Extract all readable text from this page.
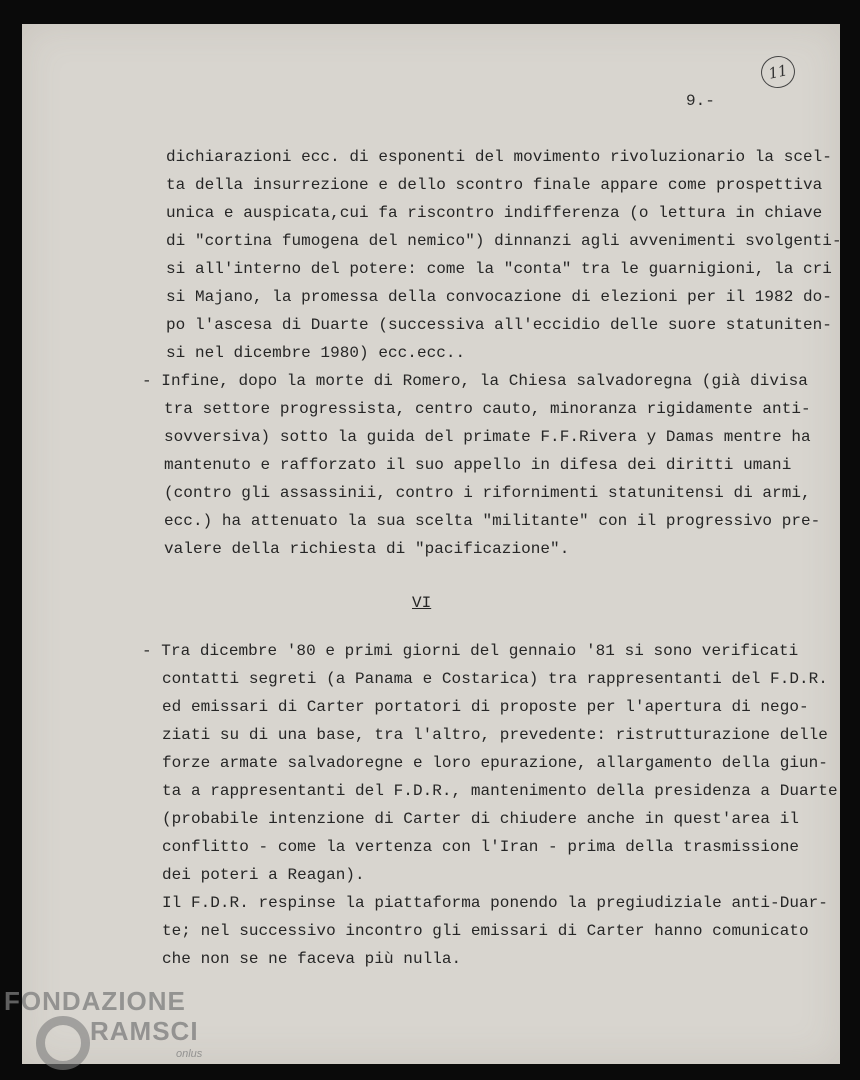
11
9.-
dichiarazioni ecc. di esponenti del movimento rivoluzionario la scel-
ta della insurrezione e dello scontro finale appare come prospettiva
unica e auspicata,cui fa riscontro indifferenza (o lettura in chiave
di "cortina fumogena del nemico") dinnanzi agli avvenimenti svolgenti-
si all'interno del potere: come la "conta" tra le guarnigioni, la cri
si Majano, la promessa della convocazione di elezioni per il 1982 do-
po l'ascesa di Duarte (successiva all'eccidio delle suore statuniten-
si nel dicembre 1980) ecc.ecc..
- Infine, dopo la morte di Romero, la Chiesa salvadoregna (già divisa
tra settore progressista, centro cauto, minoranza rigidamente anti-
sovversiva) sotto la guida del primate F.F.Rivera y Damas mentre ha
mantenuto e rafforzato il suo appello in difesa dei diritti umani
(contro gli assassinii, contro i rifornimenti statunitensi di armi,
ecc.) ha attenuato la sua scelta "militante" con il progressivo pre-
valere della richiesta di "pacificazione".
VI
- Tra dicembre '80 e primi giorni del gennaio '81 si sono verificati
contatti segreti (a Panama e Costarica) tra rappresentanti del F.D.R.
ed emissari di Carter portatori di proposte per l'apertura di nego-
ziati su di una base, tra l'altro, prevedente: ristrutturazione delle
forze armate salvadoregne e loro epurazione, allargamento della giun-
ta a rappresentanti del F.D.R., mantenimento della presidenza a Duarte
(probabile intenzione di Carter di chiudere anche in quest'area il
conflitto - come la vertenza con l'Iran - prima della trasmissione
dei poteri a Reagan).
Il F.D.R. respinse la piattaforma ponendo la pregiudiziale anti-Duar-
te; nel successivo incontro gli emissari di Carter hanno comunicato
che non se ne faceva più nulla.
FONDAZIONE
RAMSCI
onlus
